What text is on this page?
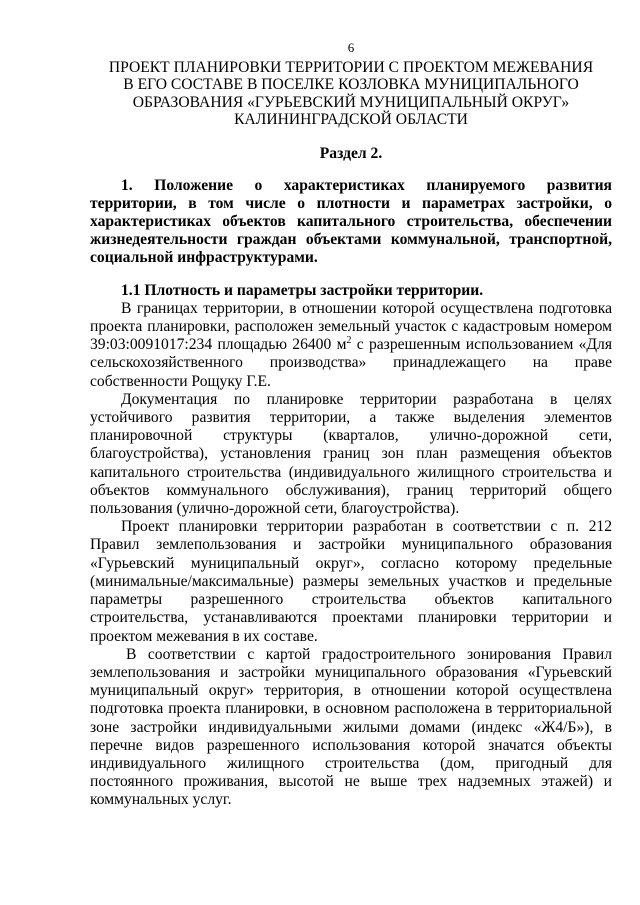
6
ПРОЕКТ ПЛАНИРОВКИ ТЕРРИТОРИИ С ПРОЕКТОМ МЕЖЕВАНИЯ
В ЕГО СОСТАВЕ В ПОСЕЛКЕ КОЗЛОВКА МУНИЦИПАЛЬНОГО
ОБРАЗОВАНИЯ «ГУРЬЕВСКИЙ МУНИЦИПАЛЬНЫЙ ОКРУГ»
КАЛИНИНГРАДСКОЙ ОБЛАСТИ
Раздел 2.

1. Положение о характеристиках планируемого развития территории, в том числе о плотности и параметрах застройки, о характеристиках объектов капитального строительства, обеспечении жизнедеятельности граждан объектами коммунальной, транспортной, социальной инфраструктурами.

1.1 Плотность и параметры застройки территории.

В границах территории, в отношении которой осуществлена подготовка проекта планировки, расположен земельный участок с кадастровым номером 39:03:0091017:234 площадью 26400 $м^2$ с разрешенным использованием «Для сельскохозяйственного производства» принадлежащего на праве собственности Рощуку Г.Е.

Документация по планировке территории разработана в целях устойчивого развития территории, а также выделения элементов планировочной структуры (кварталов, улично-дорожной сети, благоустройства), установления границ зон план размещения объектов капитального строительства (индивидуального жилищного строительства и объектов коммунального обслуживания), границ территорий общего пользования (улично-дорожной сети, благоустройства).

Проект планировки территории разработан в соответствии с п. 212 Правил землепользования и застройки муниципального образования «Гурьевский муниципальный округ», согласно которому предельные (минимальные/максимальные) размеры земельных участков и предельные параметры разрешенного строительства объектов капитального строительства, устанавливаются проектами планировки территории и проектом межевания в их составе.

В соответствии с картой градостроительного зонирования Правил землепользования и застройки муниципального образования «Гурьевский муниципальный округ» территория, в отношении которой осуществлена подготовка проекта планировки, в основном расположена в территориальной зоне застройки индивидуальными жилыми домами (индекс «Ж4/Б»), в перечне видов разрешенного использования которой значатся объекты индивидуального жилищного строительства (дом, пригодный для постоянного проживания, высотой не выше трех надземных этажей) и коммунальных услуг.
